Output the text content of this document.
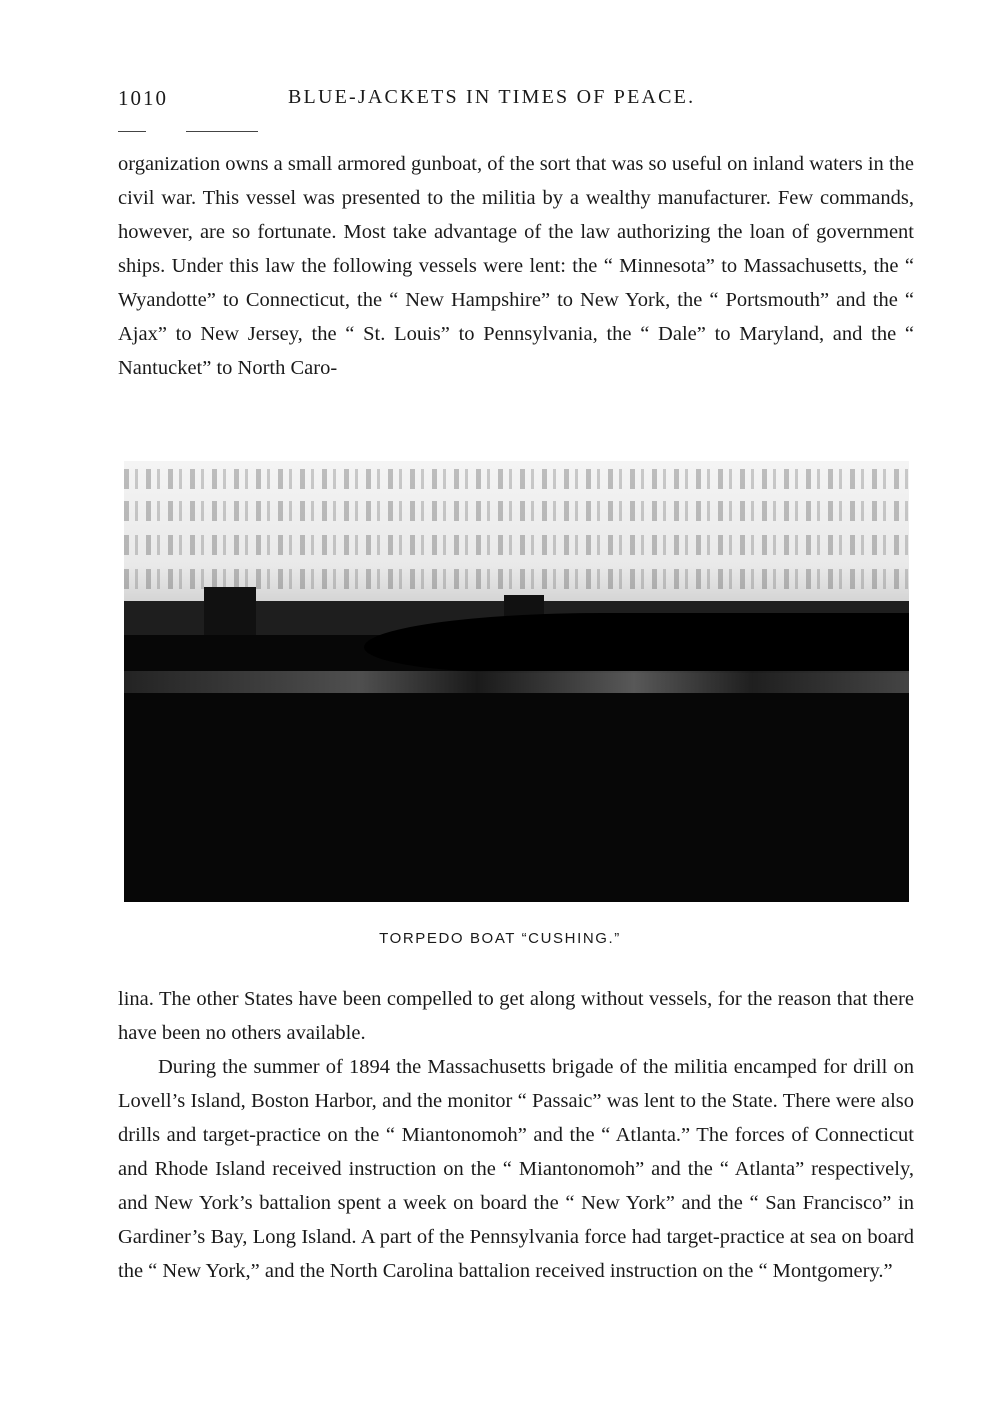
1010	BLUE-JACKETS IN TIMES OF PEACE.

organization owns a small armored gunboat, of the sort that was so useful on inland waters in the civil war. This vessel was presented to the militia by a wealthy manufacturer. Few commands, however, are so fortunate. Most take advantage of the law authorizing the loan of government ships. Under this law the following vessels were lent: the “ Minnesota” to Massachusetts, the “ Wyandotte” to Connecticut, the “ New Hampshire” to New York, the “ Portsmouth” and the “ Ajax” to New Jersey, the “ St. Louis” to Pennsylvania, the “ Dale” to Maryland, and the “ Nantucket” to North Caro-

TORPEDO BOAT “CUSHING.”

lina. The other States have been compelled to get along without vessels, for the reason that there have been no others available.

During the summer of 1894 the Massachusetts brigade of the militia encamped for drill on Lovell’s Island, Boston Harbor, and the monitor “ Passaic” was lent to the State. There were also drills and target-practice on the “ Miantonomoh” and the “ Atlanta.” The forces of Connecticut and Rhode Island received instruction on the “ Miantonomoh” and the “ Atlanta” respectively, and New York’s battalion spent a week on board the “ New York” and the “ San Francisco” in Gardiner’s Bay, Long Island. A part of the Pennsylvania force had target-practice at sea on board the “ New York,” and the North Carolina battalion received instruction on the “ Montgomery.”
